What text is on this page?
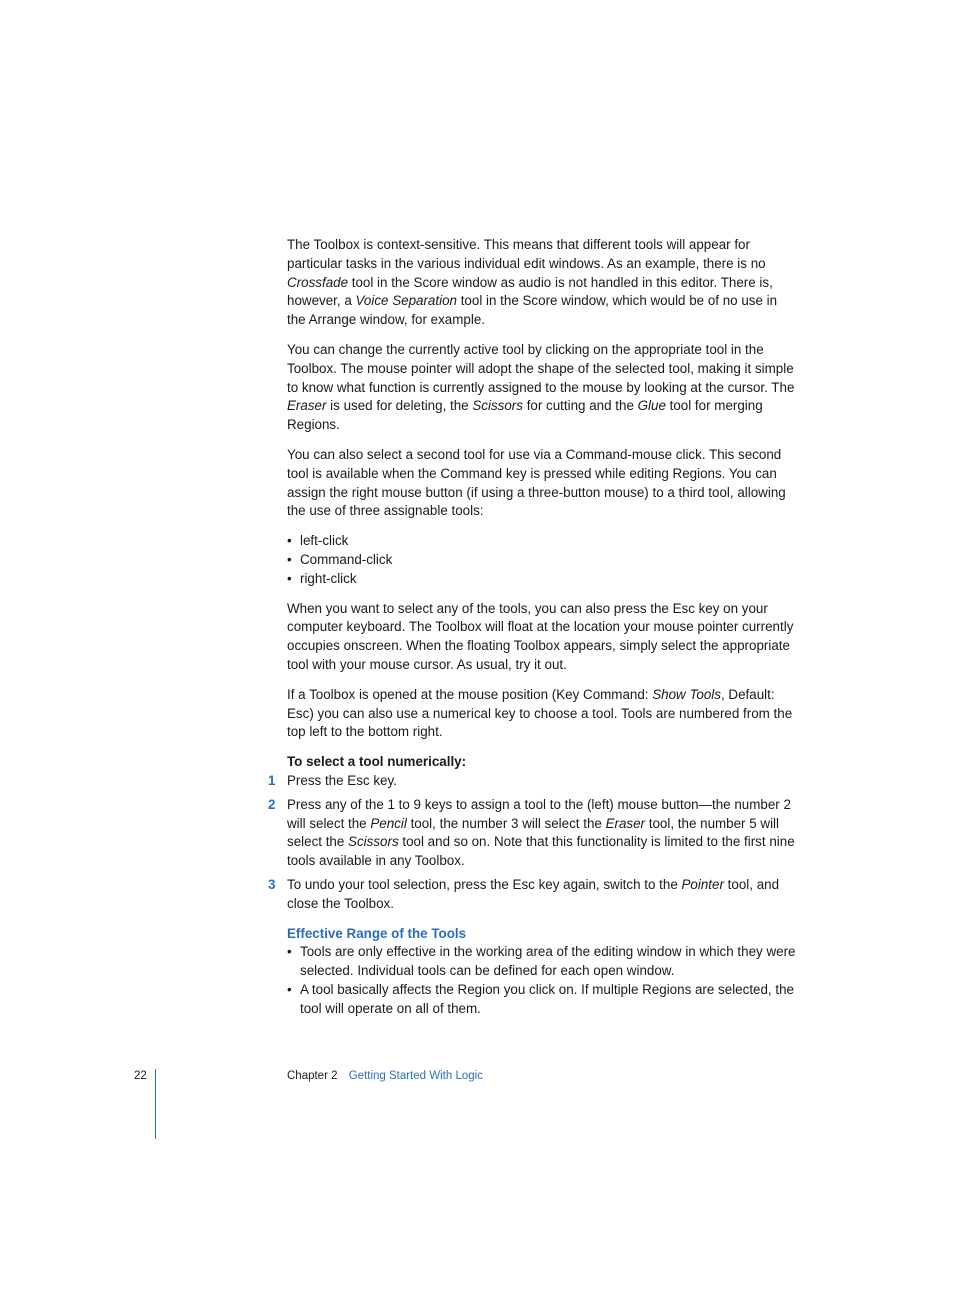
The Toolbox is context-sensitive. This means that different tools will appear for particular tasks in the various individual edit windows. As an example, there is no Crossfade tool in the Score window as audio is not handled in this editor. There is, however, a Voice Separation tool in the Score window, which would be of no use in the Arrange window, for example.

You can change the currently active tool by clicking on the appropriate tool in the Toolbox. The mouse pointer will adopt the shape of the selected tool, making it simple to know what function is currently assigned to the mouse by looking at the cursor. The Eraser is used for deleting, the Scissors for cutting and the Glue tool for merging Regions.

You can also select a second tool for use via a Command-mouse click. This second tool is available when the Command key is pressed while editing Regions. You can assign the right mouse button (if using a three-button mouse) to a third tool, allowing the use of three assignable tools:

• left-click
• Command-click
• right-click

When you want to select any of the tools, you can also press the Esc key on your computer keyboard. The Toolbox will float at the location your mouse pointer currently occupies onscreen. When the floating Toolbox appears, simply select the appropriate tool with your mouse cursor. As usual, try it out.

If a Toolbox is opened at the mouse position (Key Command: Show Tools, Default: Esc) you can also use a numerical key to choose a tool. Tools are numbered from the top left to the bottom right.

To select a tool numerically:

1 Press the Esc key.
2 Press any of the 1 to 9 keys to assign a tool to the (left) mouse button—the number 2 will select the Pencil tool, the number 3 will select the Eraser tool, the number 5 will select the Scissors tool and so on. Note that this functionality is limited to the first nine tools available in any Toolbox.
3 To undo your tool selection, press the Esc key again, switch to the Pointer tool, and close the Toolbox.

Effective Range of the Tools

• Tools are only effective in the working area of the editing window in which they were selected. Individual tools can be defined for each open window.
• A tool basically affects the Region you click on. If multiple Regions are selected, the tool will operate on all of them.
22	Chapter 2 Getting Started With Logic
